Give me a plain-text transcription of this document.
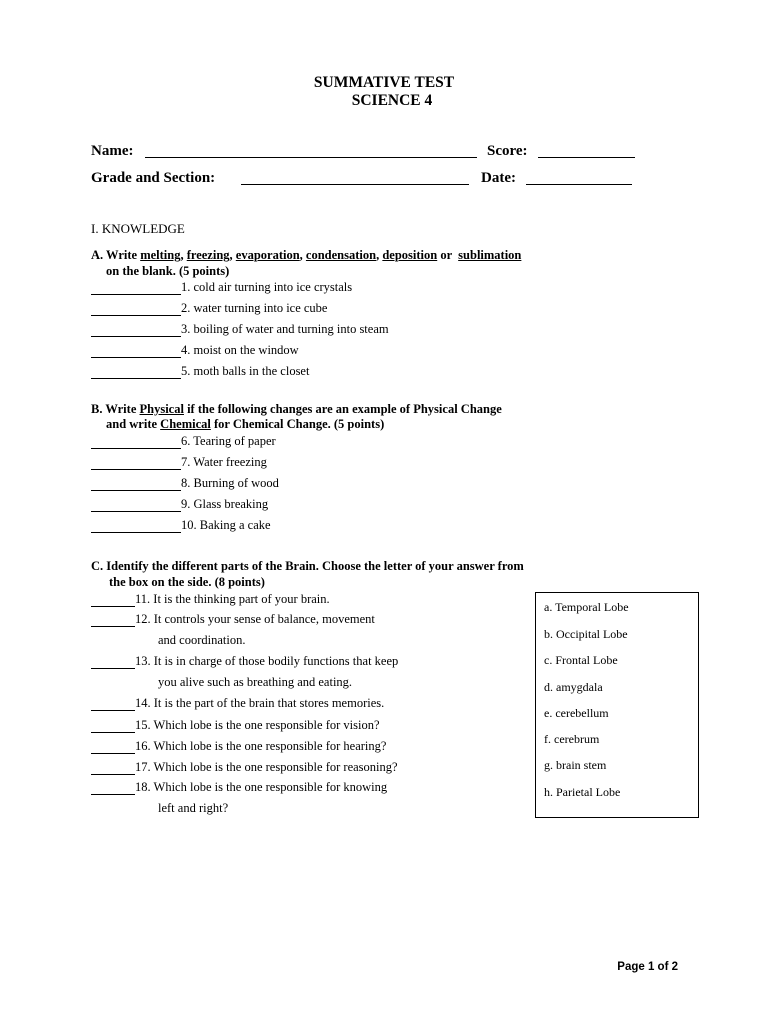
SUMMATIVE TEST
SCIENCE 4
Name:	Score:
Grade and Section:	Date:
I. KNOWLEDGE
A. Write melting, freezing, evaporation, condensation, deposition or  sublimation
on the blank. (5 points)
1. cold air turning into ice crystals
2. water turning into ice cube
3. boiling of water and turning into steam
4. moist on the window
5. moth balls in the closet
B. Write Physical if the following changes are an example of Physical Change
and write Chemical for Chemical Change. (5 points)
6. Tearing of paper
7. Water freezing
8. Burning of wood
9. Glass breaking
10. Baking a cake
C. Identify the different parts of the Brain. Choose the letter of your answer from
the box on the side. (8 points)
11. It is the thinking part of your brain.
12. It controls your sense of balance, movement
and coordination.
13. It is in charge of those bodily functions that keep
you alive such as breathing and eating.
14. It is the part of the brain that stores memories.
15. Which lobe is the one responsible for vision?
16. Which lobe is the one responsible for hearing?
17. Which lobe is the one responsible for reasoning?
18. Which lobe is the one responsible for knowing
left and right?
a. Temporal Lobe
b. Occipital Lobe
c. Frontal Lobe
d. amygdala
e. cerebellum
f. cerebrum
g. brain stem
h. Parietal Lobe
Page 1 of 2
